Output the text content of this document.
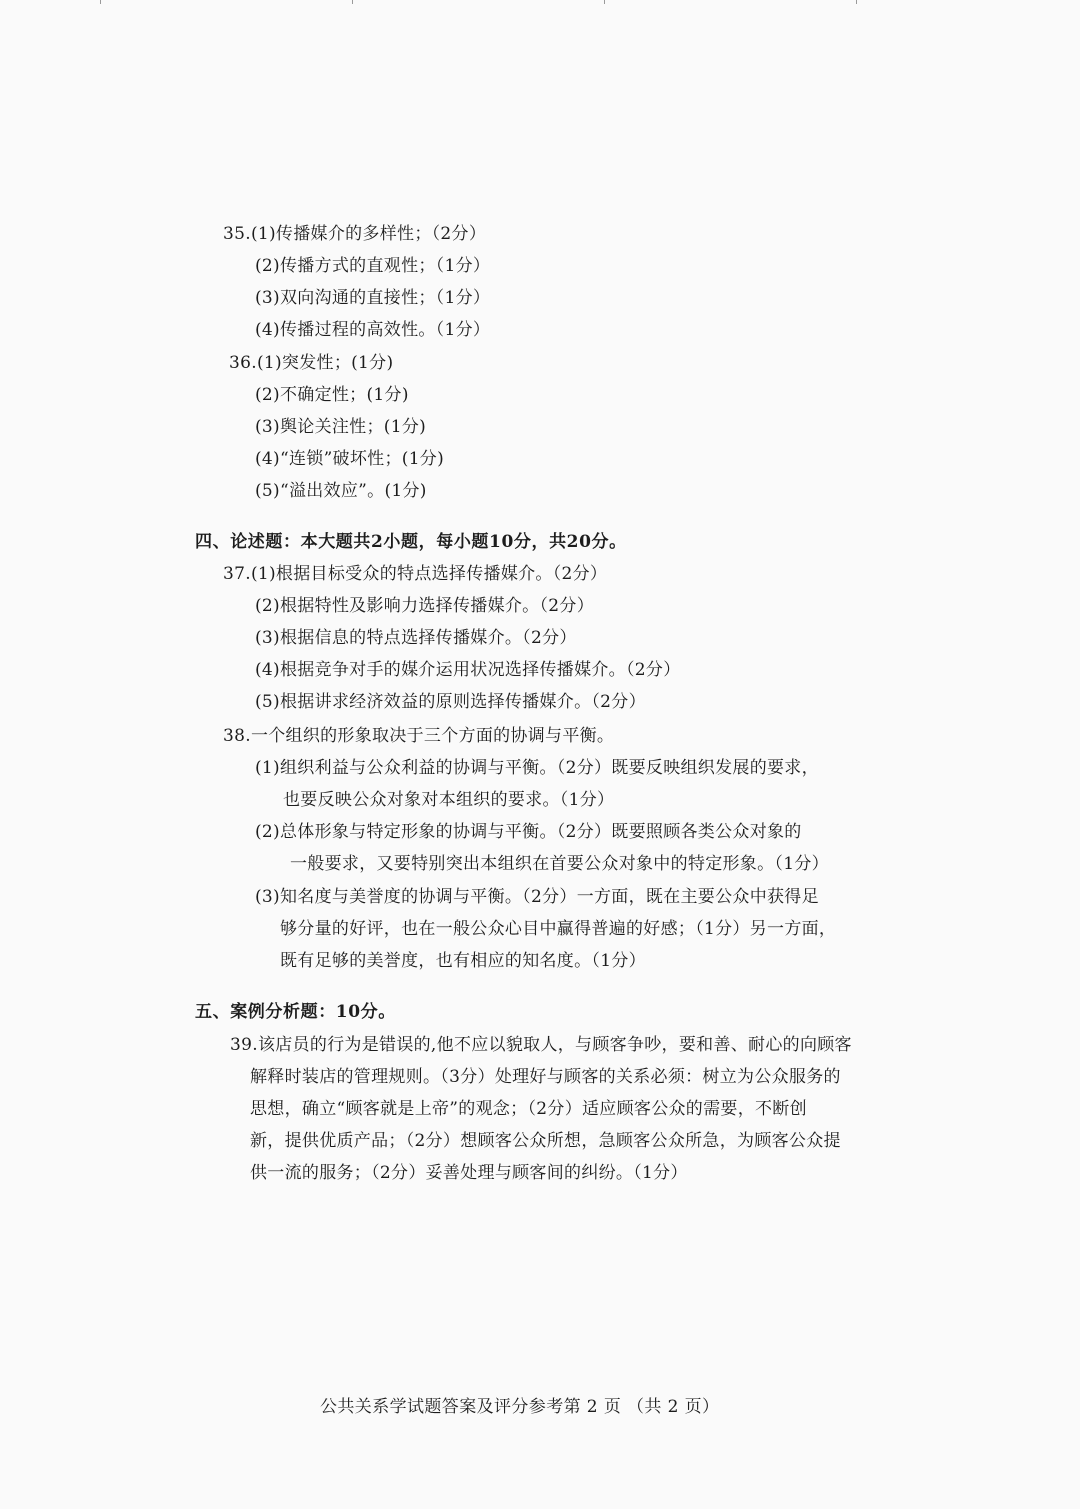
35.(1)传播媒介的多样性；（2分）
(2)传播方式的直观性；（1分）
(3)双向沟通的直接性；（1分）
(4)传播过程的高效性。（1分）
36.(1)突发性；(1分)
(2)不确定性；(1分)
(3)舆论关注性；(1分)
(4)“连锁”破坏性；(1分)
(5)“溢出效应”。(1分)
四、论述题：本大题共2小题，每小题10分，共20分。
37.(1)根据目标受众的特点选择传播媒介。（2分）
(2)根据特性及影响力选择传播媒介。（2分）
(3)根据信息的特点选择传播媒介。（2分）
(4)根据竞争对手的媒介运用状况选择传播媒介。（2分）
(5)根据讲求经济效益的原则选择传播媒介。（2分）
38.一个组织的形象取决于三个方面的协调与平衡。
(1)组织利益与公众利益的协调与平衡。（2分）既要反映组织发展的要求，
也要反映公众对象对本组织的要求。（1分）
(2)总体形象与特定形象的协调与平衡。（2分）既要照顾各类公众对象的
一般要求，又要特别突出本组织在首要公众对象中的特定形象。（1分）
(3)知名度与美誉度的协调与平衡。（2分）一方面，既在主要公众中获得足
够分量的好评，也在一般公众心目中赢得普遍的好感；（1分）另一方面，
既有足够的美誉度，也有相应的知名度。（1分）
五、案例分析题：10分。
39.该店员的行为是错误的,他不应以貌取人，与顾客争吵，要和善、耐心的向顾客
解释时装店的管理规则。（3分）处理好与顾客的关系必须：树立为公众服务的
思想，确立“顾客就是上帝”的观念；（2分）适应顾客公众的需要，不断创
新，提供优质产品；（2分）想顾客公众所想，急顾客公众所急，为顾客公众提
供一流的服务；（2分）妥善处理与顾客间的纠纷。（1分）
公共关系学试题答案及评分参考第 2 页 （共 2 页）
